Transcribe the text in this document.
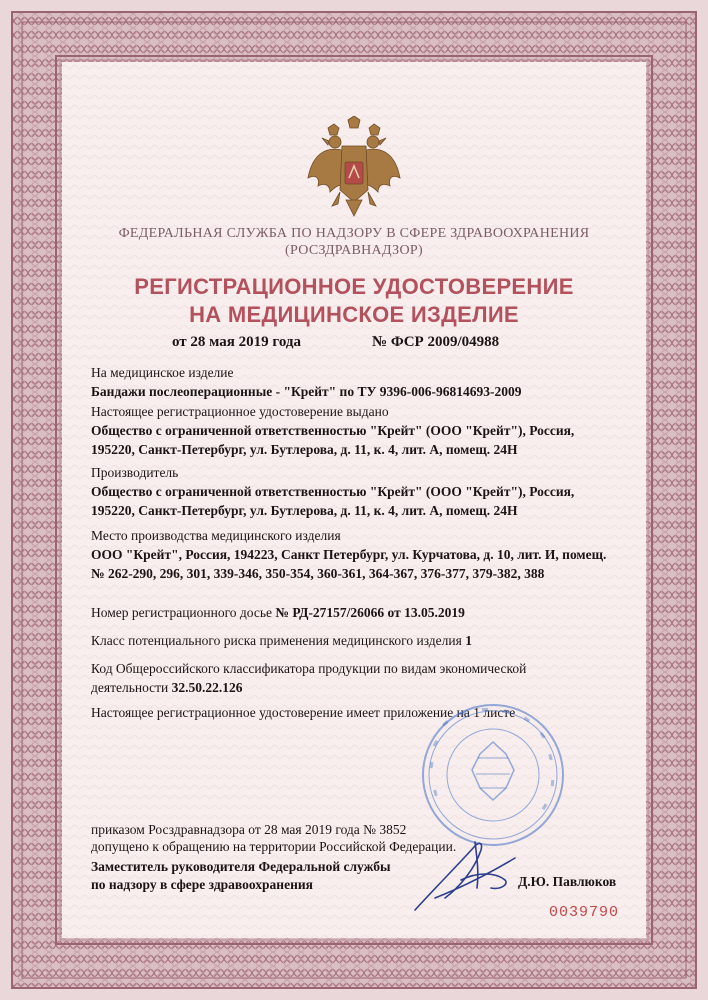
ФЕДЕРАЛЬНАЯ СЛУЖБА ПО НАДЗОРУ В СФЕРЕ ЗДРАВООХРАНЕНИЯ
(РОСЗДРАВНАДЗОР)
РЕГИСТРАЦИОННОЕ УДОСТОВЕРЕНИЕ
НА МЕДИЦИНСКОЕ ИЗДЕЛИЕ
от 28 мая 2019 года	№ ФСР 2009/04988
На медицинское изделие
Бандажи послеоперационные - "Крейт" по ТУ 9396-006-96814693-2009
Настоящее регистрационное удостоверение выдано
Общество с ограниченной ответственностью "Крейт" (ООО "Крейт"), Россия, 195220, Санкт-Петербург, ул. Бутлерова, д. 11, к. 4, лит. А, помещ. 24Н
Производитель
Общество с ограниченной ответственностью "Крейт" (ООО "Крейт"), Россия, 195220, Санкт-Петербург, ул. Бутлерова, д. 11, к. 4, лит. А, помещ. 24Н
Место производства медицинского изделия
ООО "Крейт", Россия, 194223, Санкт Петербург, ул. Курчатова, д. 10, лит. И, помещ. № 262-290, 296, 301, 339-346, 350-354, 360-361, 364-367, 376-377, 379-382, 388
Номер регистрационного досье № РД-27157/26066 от 13.05.2019
Класс потенциального риска применения медицинского изделия 1
Код Общероссийского классификатора продукции по видам экономической деятельности 32.50.22.126
Настоящее регистрационное удостоверение имеет приложение на 1 листе
приказом Росздравнадзора от 28 мая 2019 года № 3852
допущено к обращению на территории Российской Федерации.
Заместитель руководителя Федеральной службы
по надзору в сфере здравоохранения	Д.Ю. Павлюков
0039790
